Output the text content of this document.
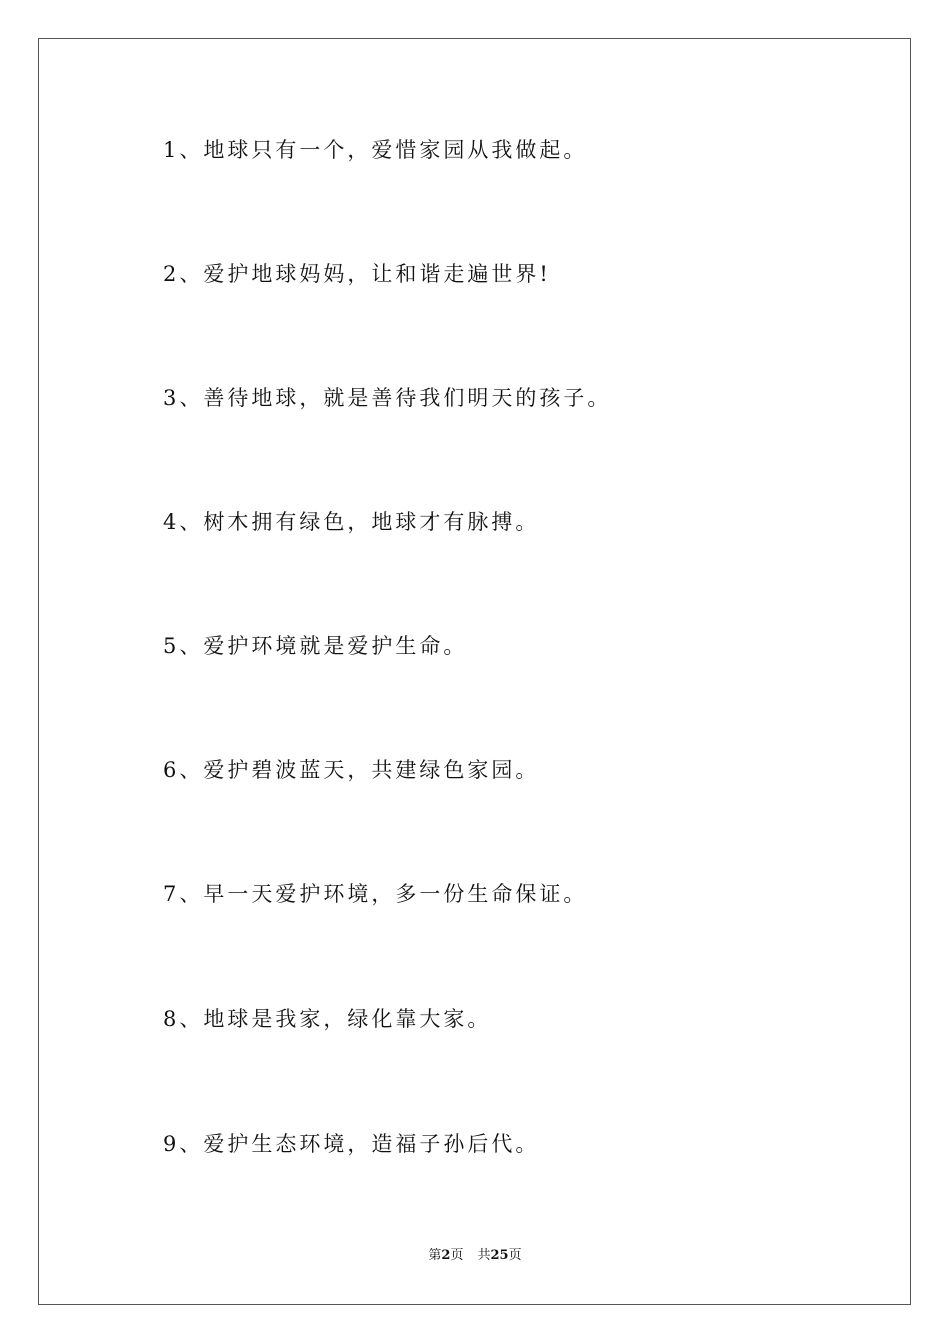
1、地球只有一个，爱惜家园从我做起。
2、爱护地球妈妈，让和谐走遍世界!
3、善待地球，就是善待我们明天的孩子。
4、树木拥有绿色，地球才有脉搏。
5、爱护环境就是爱护生命。
6、爱护碧波蓝天，共建绿色家园。
7、早一天爱护环境，多一份生命保证。
8、地球是我家，绿化靠大家。
9、爱护生态环境，造福子孙后代。
第2页 共25页
